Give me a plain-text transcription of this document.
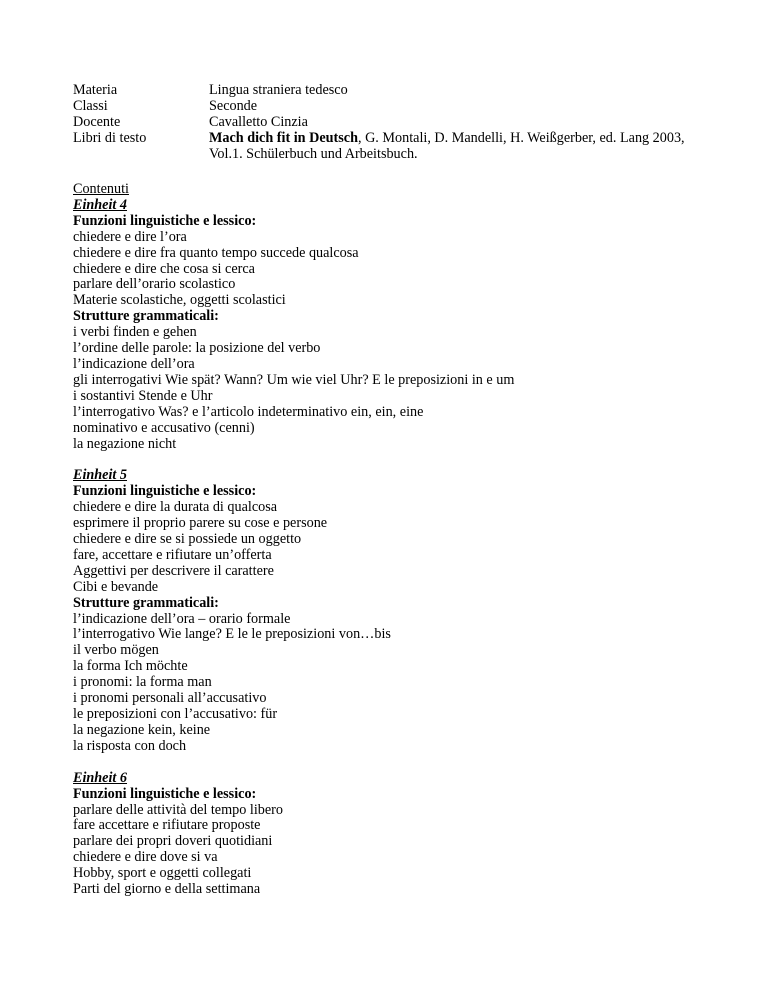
Materia	Lingua straniera tedesco
Classi	Seconde
Docente	Cavalletto Cinzia
Libri di testo	Mach dich fit in Deutsch, G. Montali, D. Mandelli, H. Weißgerber, ed. Lang 2003, Vol.1. Schülerbuch und Arbeitsbuch.
Contenuti
Einheit 4
Funzioni linguistiche e lessico:
chiedere e dire l’ora
chiedere e dire fra quanto tempo succede qualcosa
chiedere e dire che cosa si cerca
parlare dell’orario scolastico
Materie scolastiche, oggetti scolastici
Strutture grammaticali:
i verbi finden e gehen
l’ordine delle parole: la posizione del verbo
l’indicazione dell’ora
gli interrogativi Wie spät? Wann? Um wie viel Uhr? E le preposizioni in e um
i sostantivi Stende e Uhr
l’interrogativo Was? e l’articolo indeterminativo ein, ein, eine
nominativo e accusativo (cenni)
la negazione nicht
Einheit 5
Funzioni linguistiche e lessico:
chiedere e dire la durata di qualcosa
esprimere il proprio parere su cose e persone
chiedere e dire se si possiede un oggetto
fare, accettare e rifiutare un’offerta
Aggettivi per descrivere il carattere
Cibi e bevande
Strutture grammaticali:
l’indicazione dell’ora – orario formale
l’interrogativo Wie lange? E le le preposizioni von…bis
il verbo mögen
la forma Ich möchte
i pronomi: la forma man
i pronomi personali all’accusativo
le preposizioni con l’accusativo: für
la negazione kein, keine
la risposta con doch
Einheit 6
Funzioni linguistiche e lessico:
parlare delle attività del tempo libero
fare accettare e rifiutare proposte
parlare dei propri doveri quotidiani
chiedere e dire dove si va
Hobby, sport e oggetti collegati
Parti del giorno e della settimana
